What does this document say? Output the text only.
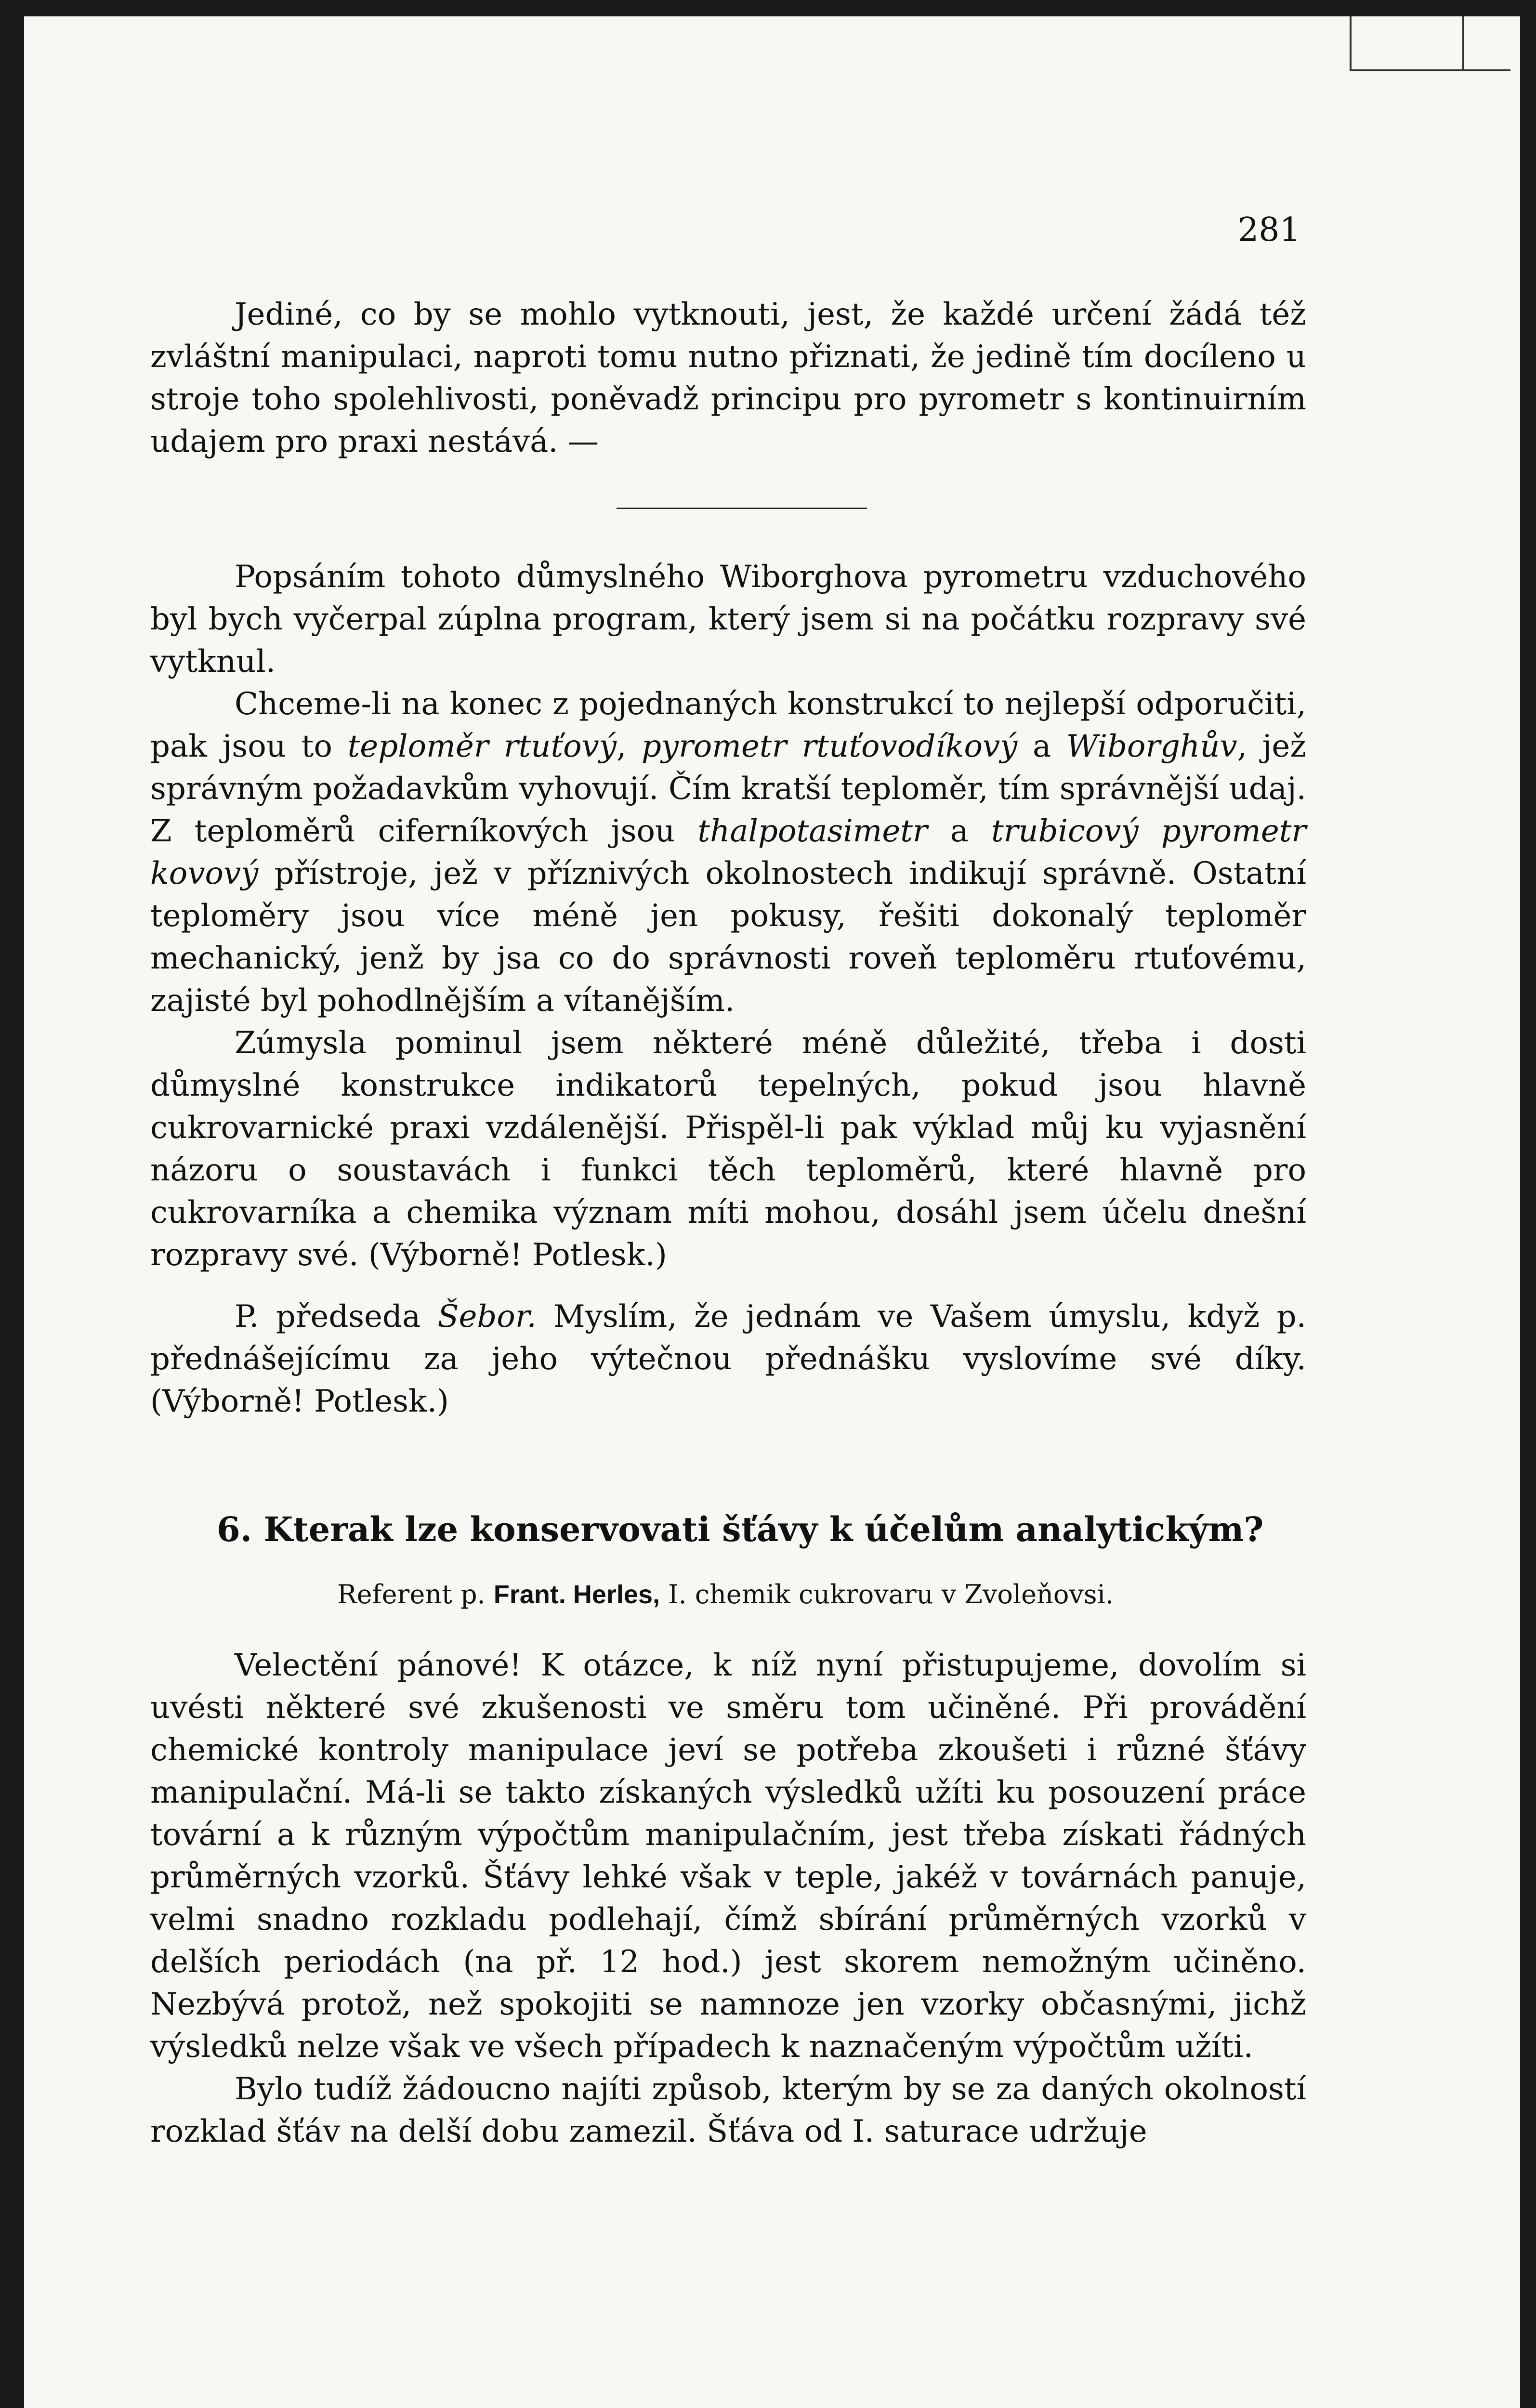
281

Jediné, co by se mohlo vytknouti, jest, že každé určení žádá též zvláštní manipulaci, naproti tomu nutno přiznati, že jedině tím docíleno u stroje toho spolehlivosti, poněvadž principu pro pyrometr s kontinuirním udajem pro praxi nestává. —

Popsáním tohoto důmyslného Wiborghova pyrometru vzduchového byl bych vyčerpal zúplna program, který jsem si na počátku rozpravy své vytknul.

Chceme-li na konec z pojednaných konstrukcí to nejlepší odporučiti, pak jsou to teploměr rtuťový, pyrometr rtuťovodíkový a Wiborghův, jež správným požadavkům vyhovují. Čím kratší teploměr, tím správnější udaj. Z teploměrů ciferníkových jsou thalpotasimetr a trubicový pyrometr kovový přístroje, jež v příznivých okolnostech indikují správně. Ostatní teploměry jsou více méně jen pokusy, řešiti dokonalý teploměr mechanický, jenž by jsa co do správnosti roveň teploměru rtuťovému, zajisté byl pohodlnějším a vítanějším.

Zúmysla pominul jsem některé méně důležité, třeba i dosti důmyslné konstrukce indikatorů tepelných, pokud jsou hlavně cukrovarnické praxi vzdálenější. Přispěl-li pak výklad můj ku vyjasnění názoru o soustavách i funkci těch teploměrů, které hlavně pro cukrovarníka a chemika význam míti mohou, dosáhl jsem účelu dnešní rozpravy své. (Výborně! Potlesk.)

P. předseda Šebor. Myslím, že jednám ve Vašem úmyslu, když p. přednášejícímu za jeho výtečnou přednášku vyslovíme své díky. (Výborně! Potlesk.)

6. Kterak lze konservovati šťávy k účelům analytickým?
Referent p. Frant. Herles, I. chemik cukrovaru v Zvoleňovsi.

Velectění pánové! K otázce, k níž nyní přistupujeme, dovolím si uvésti některé své zkušenosti ve směru tom učiněné. Při provádění chemické kontroly manipulace jeví se potřeba zkoušeti i různé šťávy manipulační. Má-li se takto získaných výsledků užíti ku posouzení práce tovární a k různým výpočtům manipulačním, jest třeba získati řádných průměrných vzorků. Šťávy lehké však v teple, jakéž v továrnách panuje, velmi snadno rozkladu podlehají, čímž sbírání průměrných vzorků v delších periodách (na př. 12 hod.) jest skorem nemožným učiněno. Nezbývá protož, než spokojiti se namnoze jen vzorky občasnými, jichž výsledků nelze však ve všech případech k naznačeným výpočtům užíti.

Bylo tudíž žádoucno najíti způsob, kterým by se za daných okolností rozklad šťáv na delší dobu zamezil. Šťáva od I. saturace udržuje
